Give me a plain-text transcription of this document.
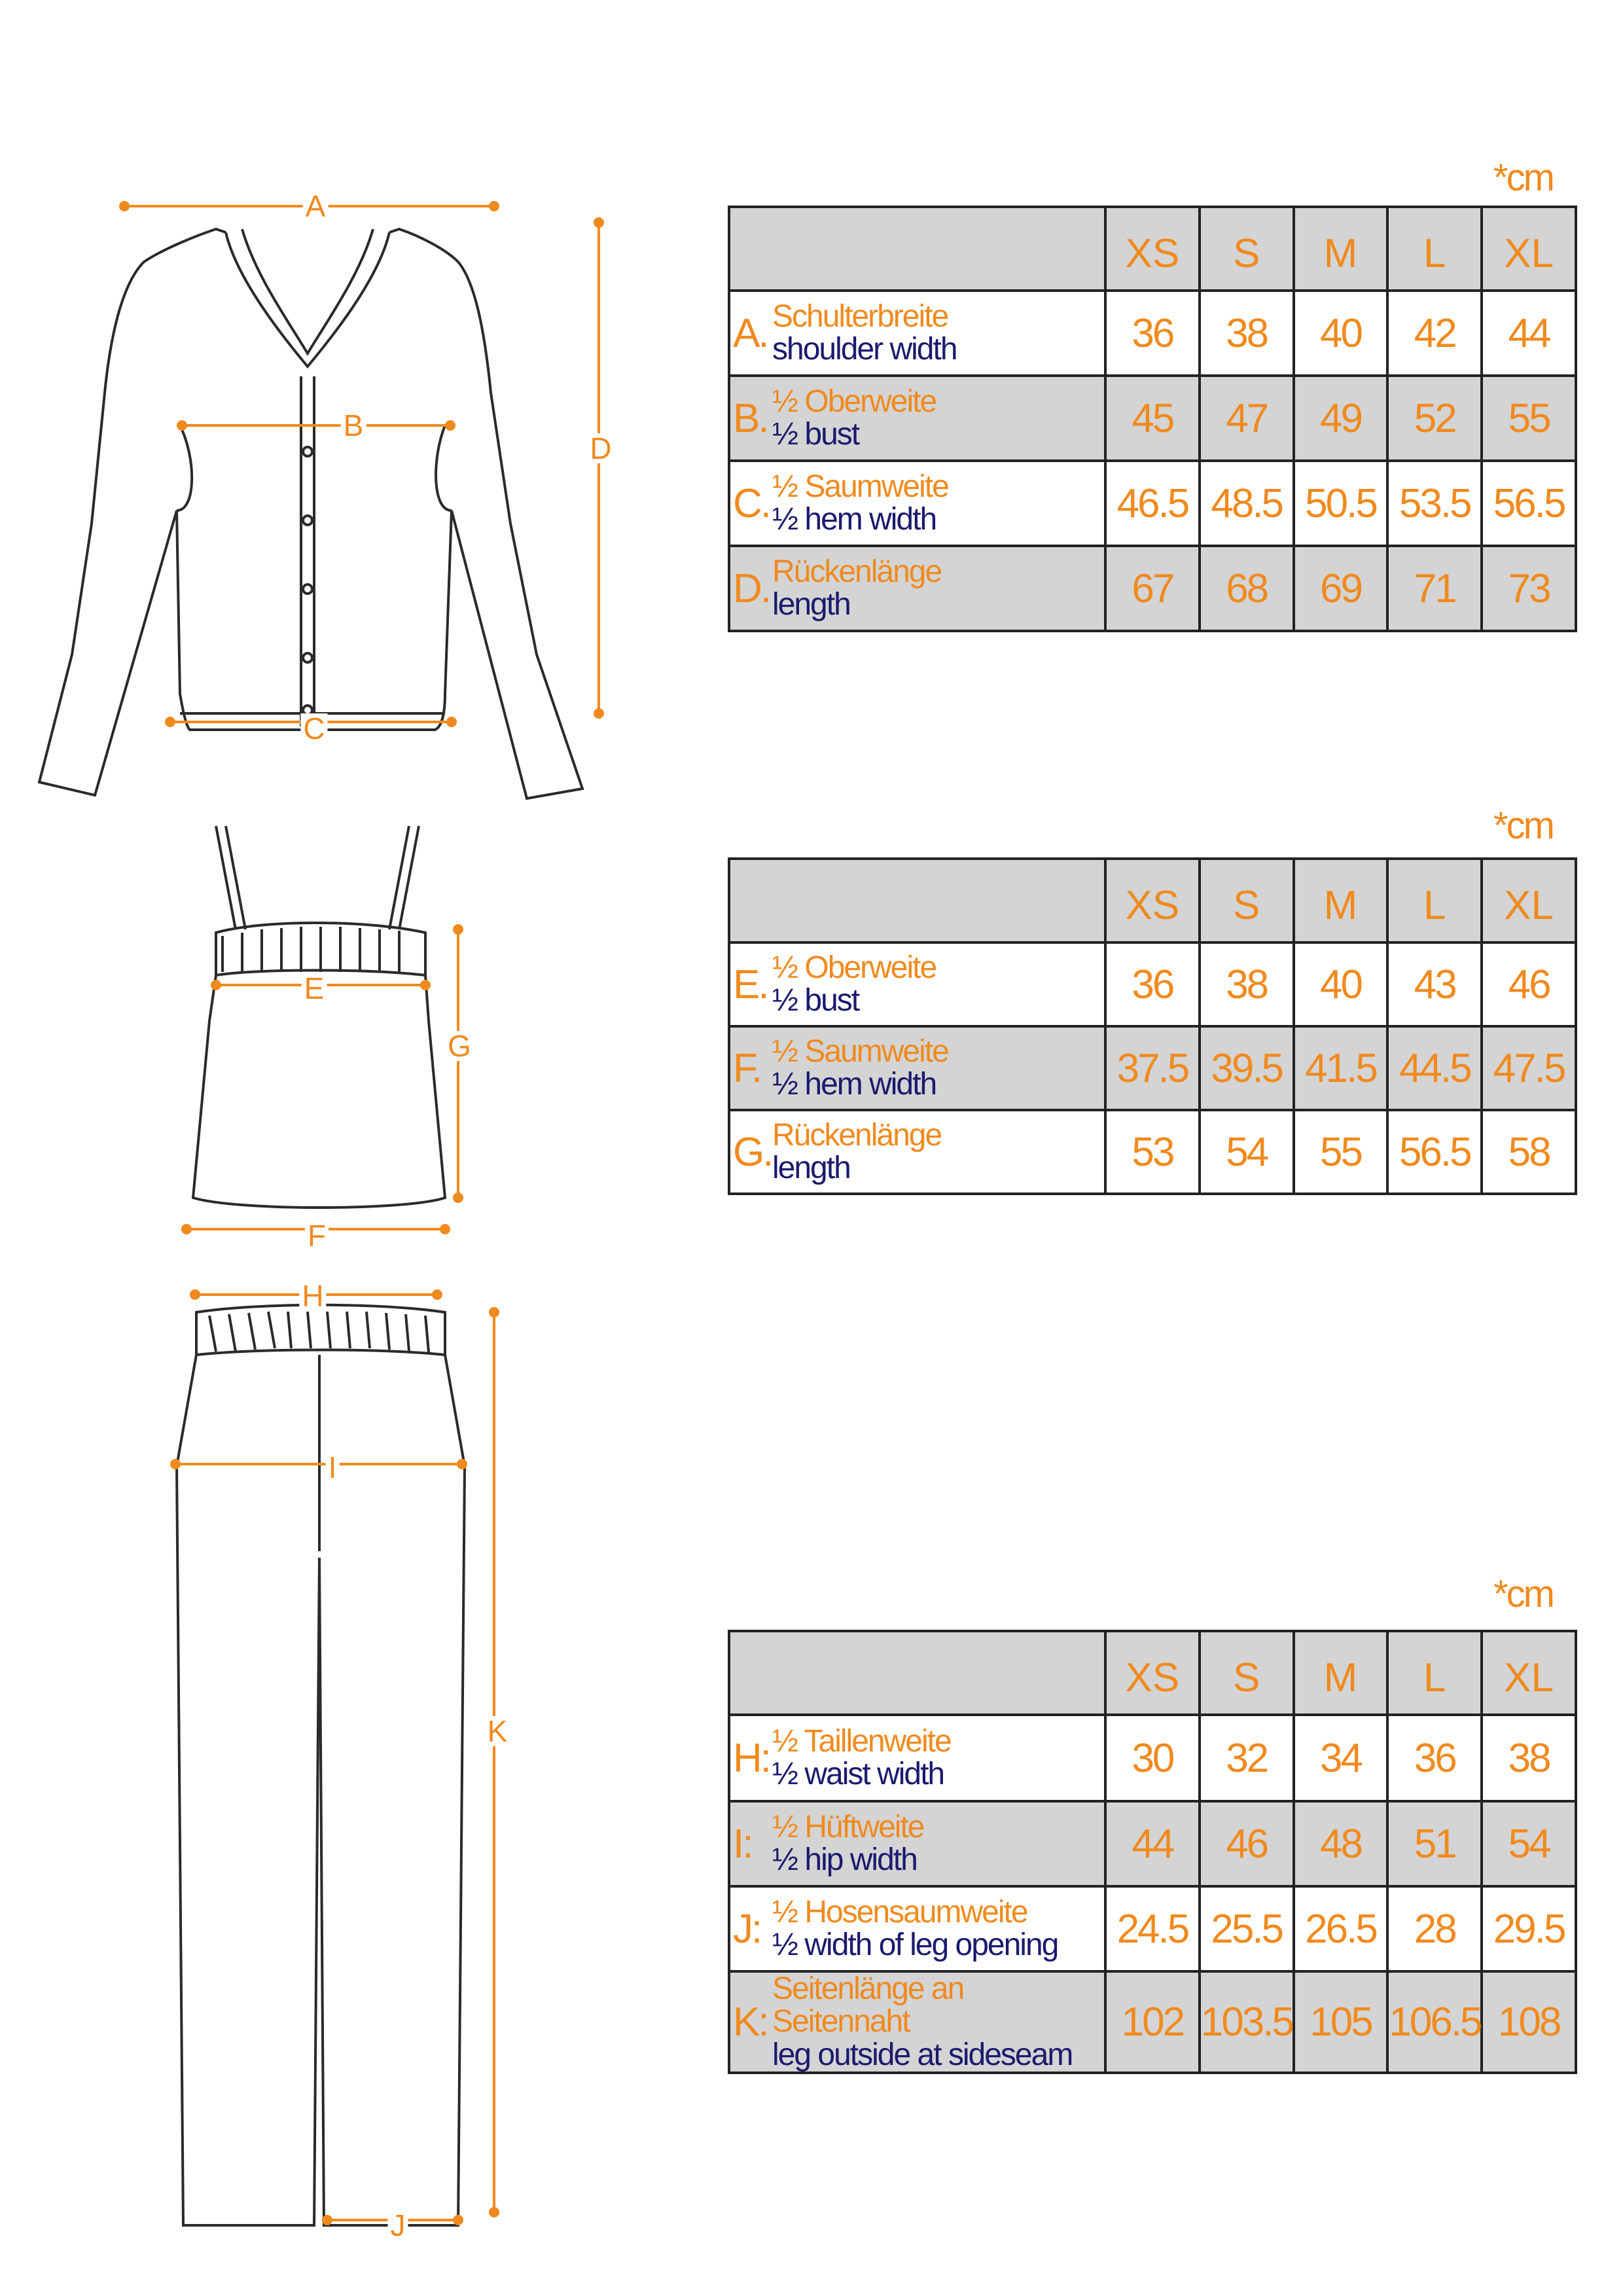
A
B
C
D
E
F
G
H
I
J
K
*cm
*cm
*cm
	XS	S	M	L	XL

A. Schulterbreite
shoulder width	36	38	40	42	44

B. ½ Oberweite
½ bust	45	47	49	52	55

C. ½ Saumweite
½ hem width	46.5	48.5	50.5	53.5	56.5

D. Rückenlänge
length	67	68	69	71	73
	XS	S	M	L	XL

E. ½ Oberweite
½ bust	36	38	40	43	46

F. ½ Saumweite
½ hem width	37.5	39.5	41.5	44.5	47.5

G. Rückenlänge
length	53	54	55	56.5	58
	XS	S	M	L	XL

H: ½ Taillenweite
½ waist width	30	32	34	36	38

I: ½ Hüftweite
½ hip width	44	46	48	51	54

J: ½ Hosensaumweite
½ width of leg opening	24.5	25.5	26.5	28	29.5

K:
Seitenlänge an Seitennaht
leg outside at sideseam	102	103.5	105	106.5	108
